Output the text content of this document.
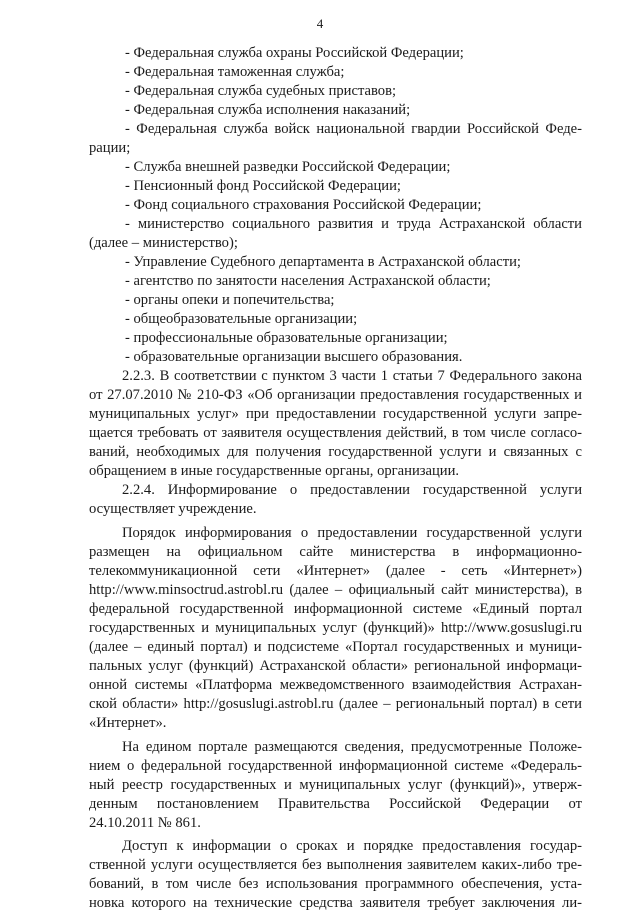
4
- Федеральная служба охраны Российской Федерации;
- Федеральная таможенная служба;
- Федеральная служба судебных приставов;
- Федеральная служба исполнения наказаний;
- Федеральная служба войск национальной гвардии Российской Феде-
рации;
- Служба внешней разведки Российской Федерации;
- Пенсионный фонд Российской Федерации;
- Фонд социального страхования Российской Федерации;
- министерство социального развития и труда Астраханской области
(далее – министерство);
- Управление Судебного департамента в Астраханской области;
- агентство по занятости населения Астраханской области;
- органы опеки и попечительства;
- общеобразовательные организации;
- профессиональные образовательные организации;
- образовательные организации высшего образования.
2.2.3. В соответствии с пунктом 3 части 1 статьи 7 Федерального закона
от 27.07.2010 № 210-ФЗ «Об организации предоставления государственных и
муниципальных услуг» при предоставлении государственной услуги запре-
щается требовать от заявителя осуществления действий, в том числе согласо-
ваний, необходимых для получения государственной услуги и связанных с
обращением в иные государственные органы, организации.
2.2.4. Информирование о предоставлении государственной услуги
осуществляет учреждение.
Порядок информирования о предоставлении государственной услуги
размещен на официальном сайте министерства в информационно-
телекоммуникационной сети «Интернет» (далее - сеть «Интернет»)
http://www.minsoctrud.astrobl.ru (далее – официальный сайт министерства), в
федеральной государственной информационной системе «Единый портал
государственных и муниципальных услуг (функций)» http://www.gosuslugi.ru
(далее – единый портал) и подсистеме «Портал государственных и муници-
пальных услуг (функций) Астраханской области» региональной информаци-
онной системы «Платформа межведомственного взаимодействия Астрахан-
ской области» http://gosuslugi.astrobl.ru (далее – региональный портал) в сети
«Интернет».
На едином портале размещаются сведения, предусмотренные Положе-
нием о федеральной государственной информационной системе «Федераль-
ный реестр государственных и муниципальных услуг (функций)», утверж-
денным постановлением Правительства Российской Федерации от
24.10.2011 № 861.
Доступ к информации о сроках и порядке предоставления государ-
ственной услуги осуществляется без выполнения заявителем каких-либо тре-
бований, в том числе без использования программного обеспечения, уста-
новка которого на технические средства заявителя требует заключения ли-
